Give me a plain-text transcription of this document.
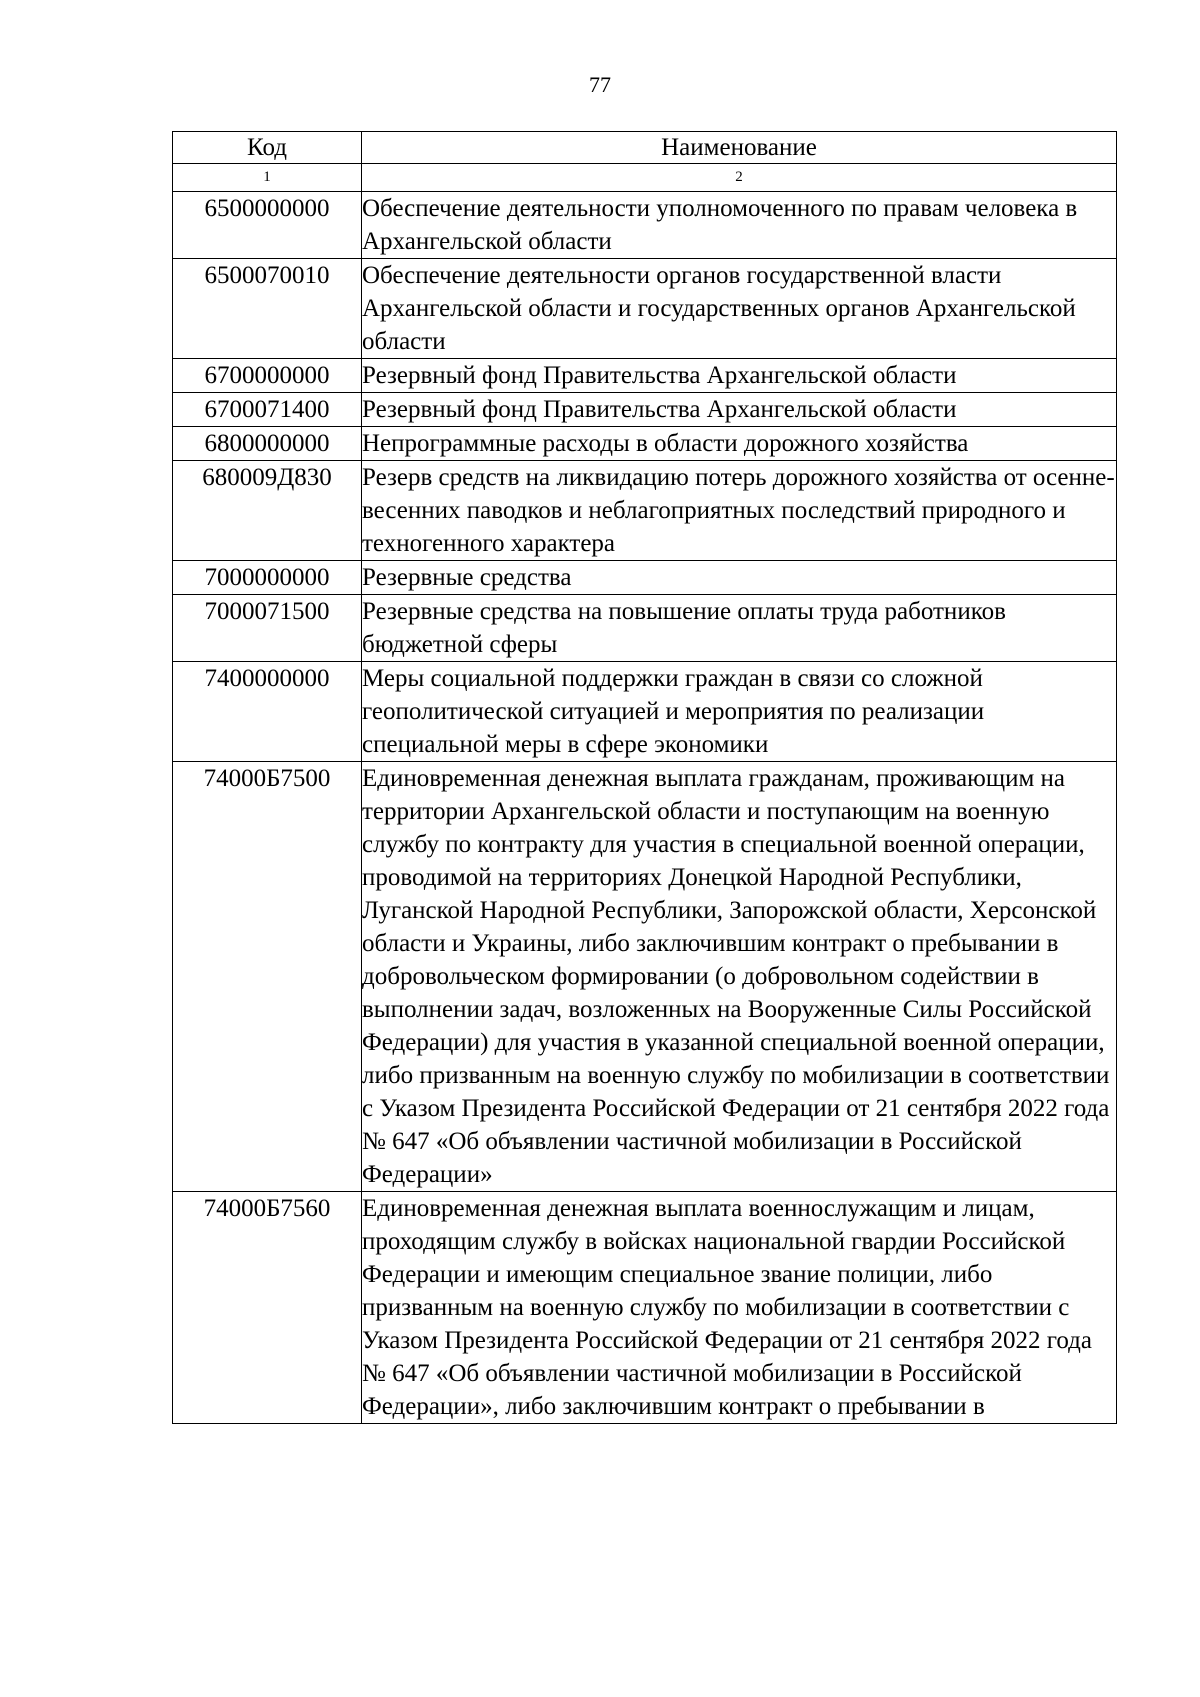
77
Код	Наименование
1	2
6500000000	Обеспечение деятельности уполномоченного по правам человека в Архангельской области
6500070010	Обеспечение деятельности органов государственной власти Архангельской области и государственных органов Архангельской области
6700000000	Резервный фонд Правительства Архангельской области
6700071400	Резервный фонд Правительства Архангельской области
6800000000	Непрограммные расходы в области дорожного хозяйства
680009Д830	Резерв средств на ликвидацию потерь дорожного хозяйства от осенне-весенних паводков и неблагоприятных последствий природного и техногенного характера
7000000000	Резервные средства
7000071500	Резервные средства на повышение оплаты труда работников бюджетной сферы
7400000000	Меры социальной поддержки граждан в связи со сложной геополитической ситуацией и мероприятия по реализации специальной меры в сфере экономики
74000Б7500	Единовременная денежная выплата гражданам, проживающим на территории Архангельской области и поступающим на военную службу по контракту для участия в специальной военной операции, проводимой на территориях Донецкой Народной Республики, Луганской Народной Республики, Запорожской области, Херсонской области и Украины, либо заключившим контракт о пребывании в добровольческом формировании (о добровольном содействии в выполнении задач, возложенных на Вооруженные Силы Российской Федерации) для участия в указанной специальной военной операции, либо призванным на военную службу по мобилизации в соответствии с Указом Президента Российской Федерации от 21 сентября 2022 года № 647 «Об объявлении частичной мобилизации в Российской Федерации»
74000Б7560	Единовременная денежная выплата военнослужащим и лицам, проходящим службу в войсках национальной гвардии Российской Федерации и имеющим специальное звание полиции, либо призванным на военную службу по мобилизации в соответствии с Указом Президента Российской Федерации от 21 сентября 2022 года № 647 «Об объявлении частичной мобилизации в Российской Федерации», либо заключившим контракт о пребывании в
